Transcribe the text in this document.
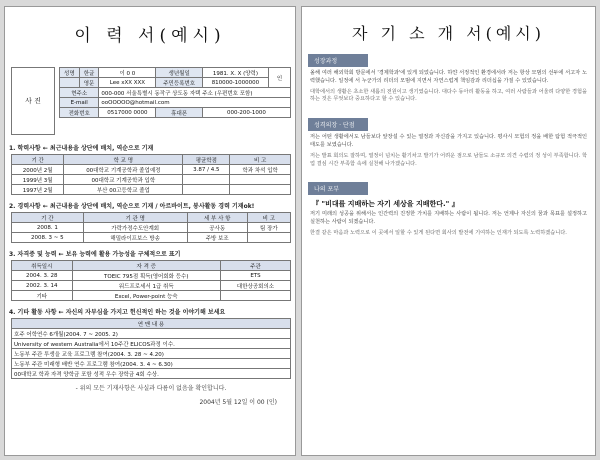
이 력 서(예시)
사 진
성명	한글	이 0 0	생년월일	1981. X. X (양력)	인
	영문	Lee xXX XXX	주민등록번호	810000-1000000	
현주소		000-000 서울특별시 동작구 상도동 자택 주소 (우편번호 포함)			
E-mail		ooOOOOO@hotmail.com			
전화번호		0517000 0000	휴대폰	000-200-1000	
1. 학력사항 ← 최근내용을 상단에 배치, 역순으로 기재
기 간	학 교 명	평균학점	비 고
2000년 2월	00대학교 기계공학과 졸업예정	3.87 / 4.5	학과 차석 입학
1999년 3월	00대학교 기계공학과 입학		
1997년 2월	부산 00고등학교 졸업		
2. 경력사항 ← 최근내용을 상단에 배치, 역순으로 기재 / 아르바이트, 봉사활동 경력 기재ok!
기 간	기 관 명	세 부 사 항	비 고
2008. 1	가락가정수도안계회	공사동	팀 장가
2008. 3 ~ 5	해밀라이프보스 방송	주방 보조	
3. 자격증 및 능력 ← 보유 능력에 활용 가능성을 구체적으로 표기
취득일시	자 격 증	주관
2004. 3. 28	TOEIC 795점 획득(영어회화 등수)	ETS
2002. 3. 14	워드프로세서 1급 취득	대한상공회의소
기타	Excel, Power-point 능숙	
4. 기타 활동 사항 ← 자신의 자부심을 가지고 헌신적인 하는 것을 이야기해 보세요
연 맨 내 용
호주 어학연수 6개월(2004. 7 ~ 2005. 2)
University of western Australia에서 10주간 ELICOS과정 이수.
노동부 주관 투생을 교육 프로그램 참여(2004. 3. 28 ~ 4.20)
노동부 주관 미래형 배반 연수 프로그램 참여(2004. 3. 4 ~ 6.30)
00대학교 학과 자격 양학금 포함 성적 우수 장학금 4회 수상.
- 위의 모든 기재사항은 사실과 다름이 없음을 확인합니다.
2004년 5월 12일 이 00 (인)
자 기 소 개 서(예시)
성장과정
올해 여러 해외학회 방문에서 '경제학과'에 있게 되었습니다. 하얀 서정적인 환경에서라 저는 항상 모범의 선두에 서고자 노력했습니다. 일정에 서 누군가의 리더의 모범에 지면서 자연스럽게 책임감과 리더십을 가질 수 있었습니다.
대학에서의 생활은 초소한 새롭의 전원이고 생기였습니다. 대다수 동아리 활동을 하고, 여러 사람들과 어울려 다양한 경험을 하는 것은 무엇보다 중요하다고 할 수 있습니다.
성격의장 · 단점
저는 어떤 생활에서도 남들보다 앞장설 수 있는 열정과 자신감을 가지고 있습니다. 평사시 모험의 정을 배한 탐험 적극적인 태도를 보였습니다.
저는 발표 회의도 잘하며, 열정이 넘치는 활기차고 발기가 어려운 점으로 남들도 소규모 의견 수렴의 정 성이 부족합니다. 학업 결심 시간 부족함 속에 실천해 나가겠습니다.
나의 포부
『 "비대를 지배하는 자기 세상을 지배한다." 』
저기 미래의 성공을 위해서는 인간력의 진정한 가치를 지배하는 사람이 됩니다. 저는 언제나 자신의 꿈과 목표를 설정하고 실천하는 사람이 되겠습니다.
한결 같은 마음과 노력으로 이 곳에서 일할 수 있게 된다면 회사의 발전에 기여하는 인재가 되도록 노력하겠습니다.
